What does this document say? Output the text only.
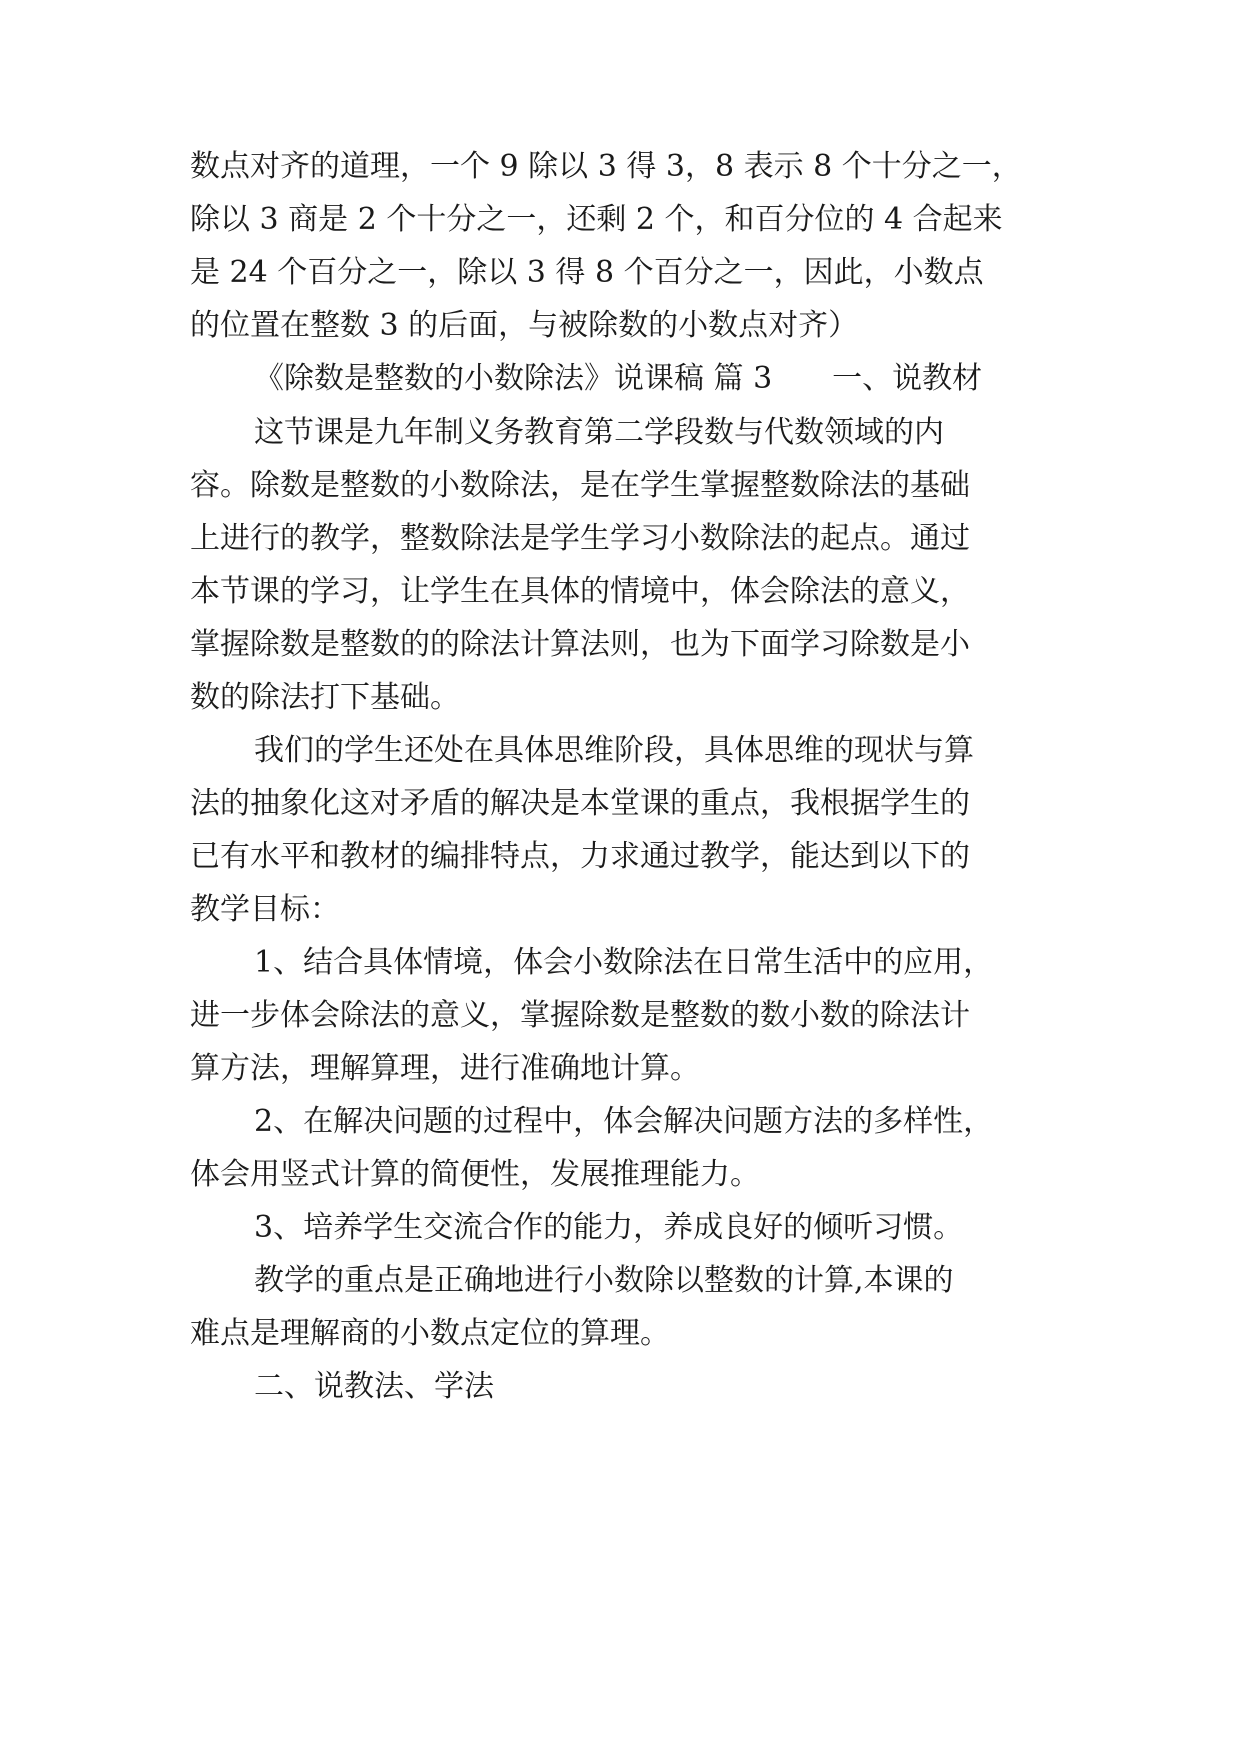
数点对齐的道理，一个 9 除以 3 得 3，8 表示 8 个十分之一，
除以 3 商是 2 个十分之一，还剩 2 个，和百分位的 4 合起来
是 24 个百分之一，除以 3 得 8 个百分之一，因此，小数点
的位置在整数 3 的后面，与被除数的小数点对齐）
《除数是整数的小数除法》说课稿 篇 3 一、说教材
这节课是九年制义务教育第二学段数与代数领域的内
容。除数是整数的小数除法，是在学生掌握整数除法的基础
上进行的教学，整数除法是学生学习小数除法的起点。通过
本节课的学习，让学生在具体的情境中，体会除法的意义，
掌握除数是整数的的除法计算法则，也为下面学习除数是小
数的除法打下基础。
我们的学生还处在具体思维阶段，具体思维的现状与算
法的抽象化这对矛盾的解决是本堂课的重点，我根据学生的
已有水平和教材的编排特点，力求通过教学，能达到以下的
教学目标：
1、结合具体情境，体会小数除法在日常生活中的应用，
进一步体会除法的意义，掌握除数是整数的数小数的除法计
算方法，理解算理，进行准确地计算。
2、在解决问题的过程中，体会解决问题方法的多样性，
体会用竖式计算的简便性，发展推理能力。
3、培养学生交流合作的能力，养成良好的倾听习惯。
教学的重点是正确地进行小数除以整数的计算,本课的
难点是理解商的小数点定位的算理。
二、说教法、学法
